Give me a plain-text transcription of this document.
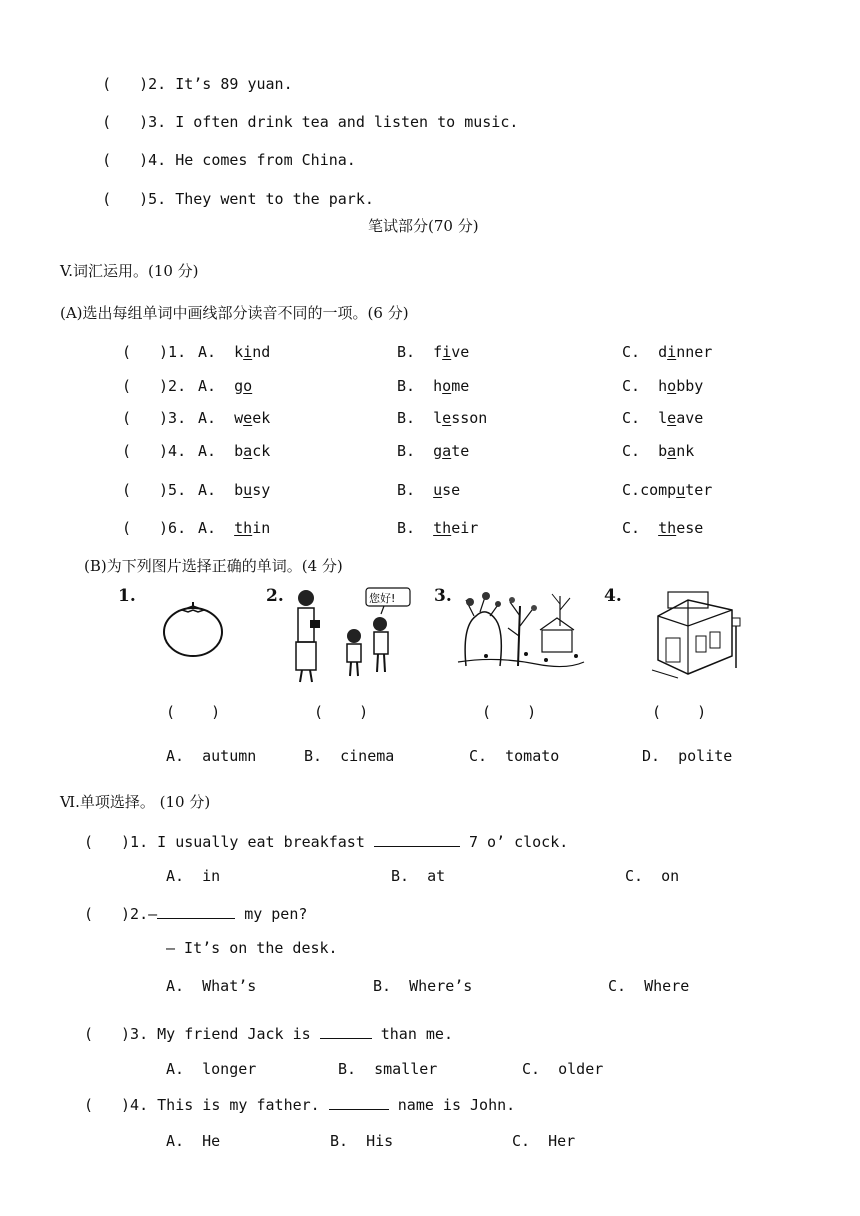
( )2. It’s 89 yuan.

( )3. I often drink tea and listen to music.

( )4. He comes from China.

( )5. They went to the park.

笔试部分(70 分)
V.词汇运用。(10 分)
(A)选出每组单词中画线部分读音不同的一项。(6 分)
( )1. A. kind	B. five	C. dinner
( )2. A. go	B. home	C. hobby
( )3. A. week	B. lesson	C. leave
( )4. A. back	B. gate	C. bank
( )5. A. busy	B. use	C.computer
( )6. A. thin	B. their	C. these
(B)为下列图片选择正确的单词。(4 分)
1.	2.	3.	4.
您好!
(    )	(    )	(    )	(    )
A.  autumn	B.  cinema	C.  tomato	D.  polite
Ⅵ.单项选择。 (10 分)
( )1. I usually eat breakfast	7 o’ clock.
A.  in	B.  at	C.  on
( )2.—	my pen?
— It’s on the desk.
A.  What’s	B.  Where’s	C.  Where
( )3. My friend Jack is	than me.
A.  longer	B.  smaller	C.  older
( )4. This is my father.	name is John.
A.  He	B.  His	C.  Her
